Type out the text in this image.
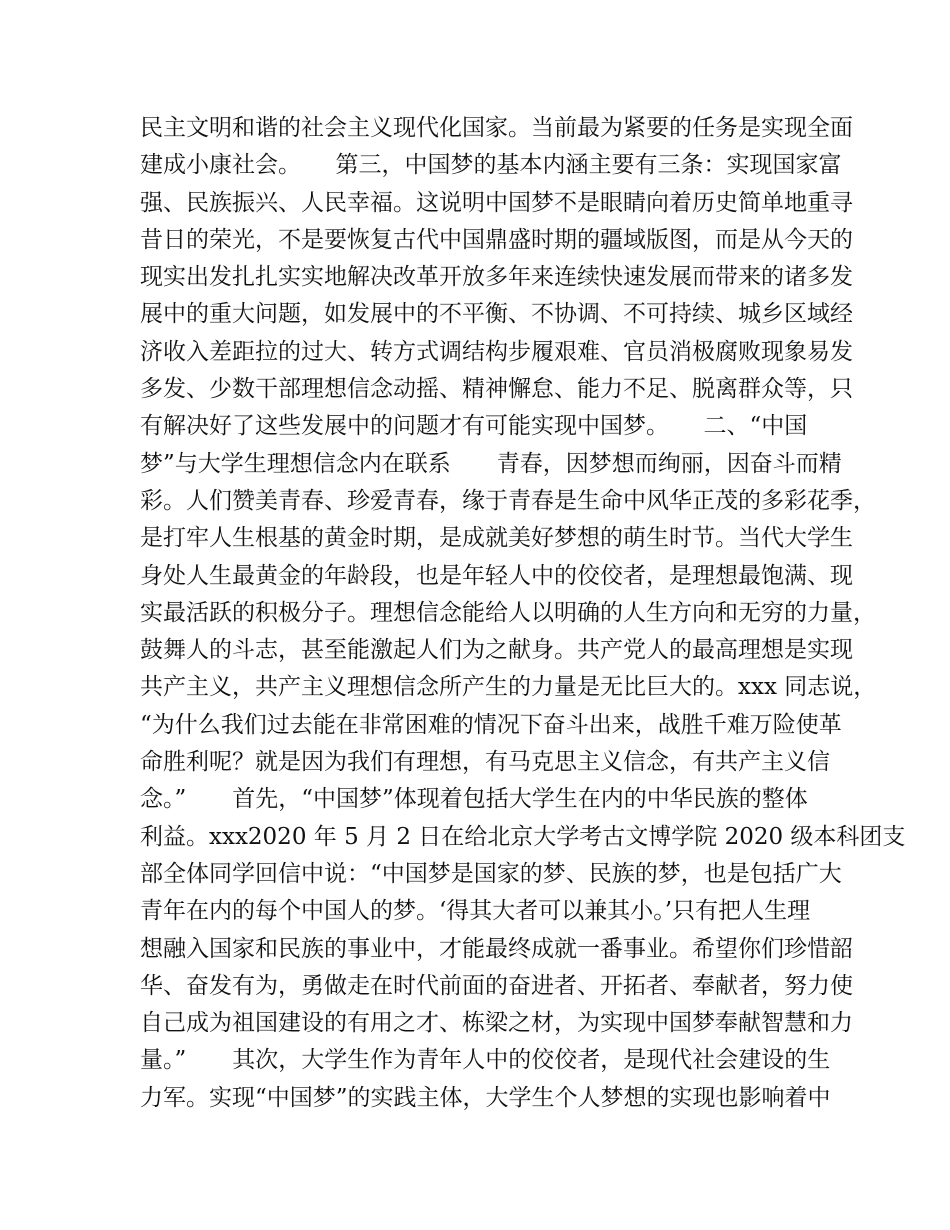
民主文明和谐的社会主义现代化国家。当前最为紧要的任务是实现全面
建成小康社会。　　第三，中国梦的基本内涵主要有三条：实现国家富
强、民族振兴、人民幸福。这说明中国梦不是眼睛向着历史简单地重寻
昔日的荣光，不是要恢复古代中国鼎盛时期的疆域版图，而是从今天的
现实出发扎扎实实地解决改革开放多年来连续快速发展而带来的诸多发
展中的重大问题，如发展中的不平衡、不协调、不可持续、城乡区域经
济收入差距拉的过大、转方式调结构步履艰难、官员消极腐败现象易发
多发、少数干部理想信念动摇、精神懈怠、能力不足、脱离群众等，只
有解决好了这些发展中的问题才有可能实现中国梦。　　二、“中国
梦”与大学生理想信念内在联系　　青春，因梦想而绚丽，因奋斗而精
彩。人们赞美青春、珍爱青春，缘于青春是生命中风华正茂的多彩花季，
是打牢人生根基的黄金时期，是成就美好梦想的萌生时节。当代大学生
身处人生最黄金的年龄段，也是年轻人中的佼佼者，是理想最饱满、现
实最活跃的积极分子。理想信念能给人以明确的人生方向和无穷的力量，
鼓舞人的斗志，甚至能激起人们为之献身。共产党人的最高理想是实现
共产主义，共产主义理想信念所产生的力量是无比巨大的。xxx 同志说，
“为什么我们过去能在非常困难的情况下奋斗出来，战胜千难万险使革
命胜利呢？就是因为我们有理想，有马克思主义信念，有共产主义信
念。”　　首先，“中国梦”体现着包括大学生在内的中华民族的整体
利益。xxx2020 年 5 月 2 日在给北京大学考古文博学院 2020 级本科团支
部全体同学回信中说：“中国梦是国家的梦、民族的梦，也是包括广大
青年在内的每个中国人的梦。‘得其大者可以兼其小。’只有把人生理
想融入国家和民族的事业中，才能最终成就一番事业。希望你们珍惜韶
华、奋发有为，勇做走在时代前面的奋进者、开拓者、奉献者，努力使
自己成为祖国建设的有用之才、栋梁之材，为实现中国梦奉献智慧和力
量。”　　其次，大学生作为青年人中的佼佼者，是现代社会建设的生
力军。实现“中国梦”的实践主体，大学生个人梦想的实现也影响着中
